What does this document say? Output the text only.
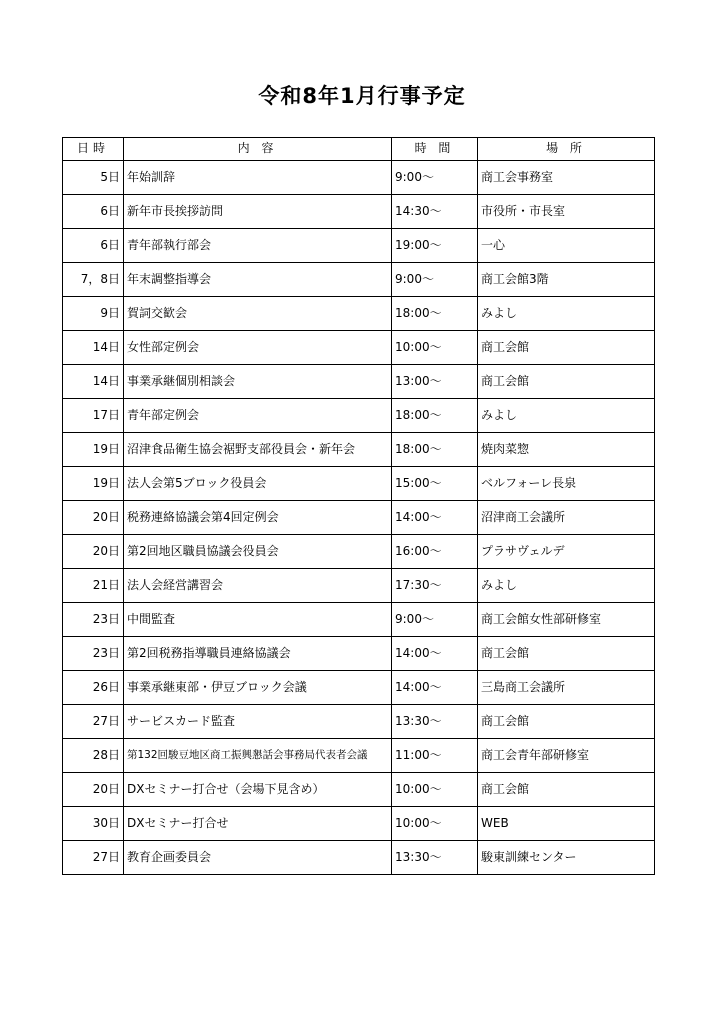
令和8年1月行事予定
日時	内 容	時 間	場 所
5日	年始訓辞	9:00～	商工会事務室
6日	新年市長挨拶訪問	14:30～	市役所・市長室
6日	青年部執行部会	19:00～	一心
7，8日	年末調整指導会	9:00～	商工会館3階
9日	賀詞交歓会	18:00～	みよし
14日	女性部定例会	10:00～	商工会館
14日	事業承継個別相談会	13:00～	商工会館
17日	青年部定例会	18:00～	みよし
19日	沼津食品衛生協会裾野支部役員会・新年会	18:00～	焼肉菜惣
19日	法人会第5ブロック役員会	15:00～	ベルフォーレ長泉
20日	税務連絡協議会第4回定例会	14:00～	沼津商工会議所
20日	第2回地区職員協議会役員会	16:00～	プラサヴェルデ
21日	法人会経営講習会	17:30～	みよし
23日	中間監査	9:00～	商工会館女性部研修室
23日	第2回税務指導職員連絡協議会	14:00～	商工会館
26日	事業承継東部・伊豆ブロック会議	14:00～	三島商工会議所
27日	サービスカード監査	13:30～	商工会館
28日	第132回駿豆地区商工振興懇話会事務局代表者会議	11:00～	商工会青年部研修室
20日	DXセミナー打合せ（会場下見含め）	10:00～	商工会館
30日	DXセミナー打合せ	10:00～	WEB
27日	教育企画委員会	13:30～	駿東訓練センター
